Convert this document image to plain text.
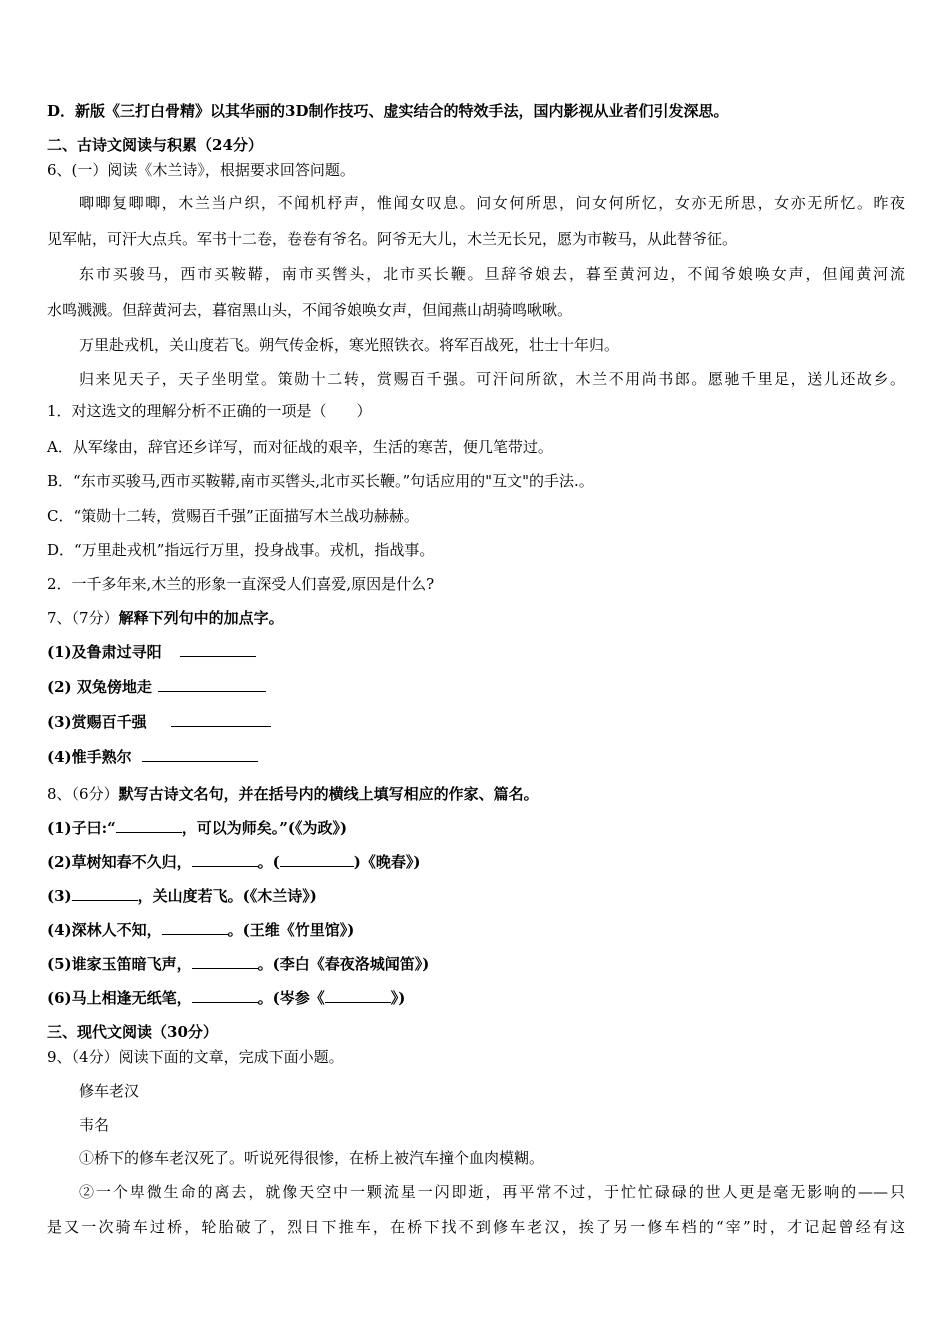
D．新版《三打白骨精》以其华丽的3D制作技巧、虚实结合的特效手法，国内影视从业者们引发深思。
二、古诗文阅读与积累（24分）
6、(一）阅读《木兰诗》，根据要求回答问题。
唧唧复唧唧，木兰当户织，不闻机杼声，惟闻女叹息。问女何所思，问女何所忆，女亦无所思，女亦无所忆。昨夜
见军帖，可汗大点兵。军书十二卷，卷卷有爷名。阿爷无大儿，木兰无长兄，愿为市鞍马，从此替爷征。
东市买骏马，西市买鞍鞯，南市买辔头，北市买长鞭。旦辞爷娘去，暮至黄河边，不闻爷娘唤女声，但闻黄河流
水鸣溅溅。但辞黄河去，暮宿黑山头，不闻爷娘唤女声，但闻燕山胡骑鸣啾啾。
万里赴戎机，关山度若飞。朔气传金柝，寒光照铁衣。将军百战死，壮士十年归。
归来见天子，天子坐明堂。策勋十二转，赏赐百千强。可汗问所欲，木兰不用尚书郎。愿驰千里足，送儿还故乡。
1．对这选文的理解分析不正确的一项是（　　）
A．从军缘由，辞官还乡详写，而对征战的艰辛，生活的寒苦，便几笔带过。
B．“东市买骏马,西市买鞍鞯,南市买辔头,北市买长鞭。”句话应用的"互文"的手法.。
C．“策勋十二转，赏赐百千强”正面描写木兰战功赫赫。
D．“万里赴戎机”指远行万里，投身战事。戎机，指战事。
2．一千多年来,木兰的形象一直深受人们喜爱,原因是什么?
7、（7分）解释下列句中的加点字。
(1)及鲁肃过寻阳
(2) 双兔傍地走
(3)赏赐百千强
(4)惟手熟尔
8、（6分）默写古诗文名句，并在括号内的横线上填写相应的作家、篇名。
(1)子曰:“	，可以为师矣。”(《为政》)
(2)草树知春不久归，	。(	)《晚春》)
(3)	，关山度若飞。(《木兰诗》)
(4)深林人不知，	。(王维《竹里馆》)
(5)谁家玉笛暗飞声，	。(李白《春夜洛城闻笛》)
(6)马上相逢无纸笔，	。(岑参《	》)
三、现代文阅读（30分）
9、（4分）阅读下面的文章，完成下面小题。
修车老汉
韦名
①桥下的修车老汉死了。听说死得很惨，在桥上被汽车撞个血肉模糊。
②一个卑微生命的离去，就像天空中一颗流星一闪即逝，再平常不过，于忙忙碌碌的世人更是毫无影响的——只
是又一次骑车过桥，轮胎破了，烈日下推车，在桥下找不到修车老汉，挨了另一修车档的“宰”时，才记起曾经有这
